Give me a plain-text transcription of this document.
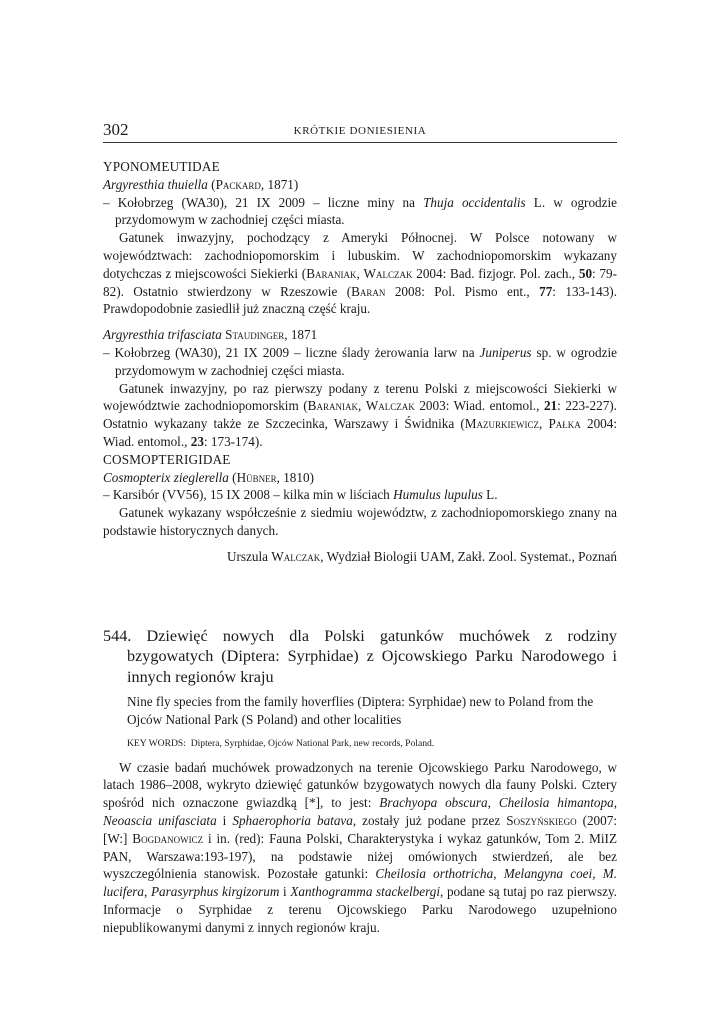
302	KRÓTKIE DONIESIENIA

YPONOMEUTIDAE

Argyresthia thuiella (Packard, 1871)

– Kołobrzeg (WA30), 21 IX 2009 – liczne miny na Thuja occidentalis L. w ogrodzie przydomowym w zachodniej części miasta.

Gatunek inwazyjny, pochodzący z Ameryki Północnej. W Polsce notowany w województwach: zachodniopomorskim i lubuskim. W zachodniopomorskim wykazany dotychczas z miejscowości Siekierki (Baraniak, Walczak 2004: Bad. fizjogr. Pol. zach., 50: 79-82). Ostatnio stwierdzony w Rzeszowie (Baran 2008: Pol. Pismo ent., 77: 133-143). Prawdopodobnie zasiedlił już znaczną część kraju.

Argyresthia trifasciata Staudinger, 1871

– Kołobrzeg (WA30), 21 IX 2009 – liczne ślady żerowania larw na Juniperus sp. w ogrodzie przydomowym w zachodniej części miasta.

Gatunek inwazyjny, po raz pierwszy podany z terenu Polski z miejscowości Siekierki w województwie zachodniopomorskim (Baraniak, Walczak 2003: Wiad. entomol., 21: 223-227). Ostatnio wykazany także ze Szczecinka, Warszawy i Świdnika (Mazurkiewicz, Pałka 2004: Wiad. entomol., 23: 173-174).

COSMOPTERIGIDAE

Cosmopterix zieglerella (Hübner, 1810)

– Karsibór (VV56), 15 IX 2008 – kilka min w liściach Humulus lupulus L.

Gatunek wykazany współcześnie z siedmiu województw, z zachodniopomorskiego znany na podstawie historycznych danych.

Urszula Walczak, Wydział Biologii UAM, Zakł. Zool. Systemat., Poznań

544. Dziewięć nowych dla Polski gatunków muchówek z rodziny bzygowatych (Diptera: Syrphidae) z Ojcowskiego Parku Narodowego i innych regionów kraju

Nine fly species from the family hoverflies (Diptera: Syrphidae) new to Poland from the Ojców National Park (S Poland) and other localities

KEY WORDS: Diptera, Syrphidae, Ojców National Park, new records, Poland.

W czasie badań muchówek prowadzonych na terenie Ojcowskiego Parku Narodowego, w latach 1986–2008, wykryto dziewięć gatunków bzygowatych nowych dla fauny Polski. Cztery spośród nich oznaczone gwiazdką [*], to jest: Brachyopa obscura, Cheilosia himantopa, Neoascia unifasciata i Sphaerophoria batava, zostały już podane przez Soszyńskiego (2007: [W:] Bogdanowicz i in. (red): Fauna Polski, Charakterystyka i wykaz gatunków, Tom 2. MiIZ PAN, Warszawa:193-197), na podstawie niżej omówionych stwierdzeń, ale bez wyszczególnienia stanowisk. Pozostałe gatunki: Cheilosia orthotricha, Melangyna coei, M. lucifera, Parasyrphus kirgizorum i Xanthogramma stackelbergi, podane są tutaj po raz pierwszy. Informacje o Syrphidae z terenu Ojcowskiego Parku Narodowego uzupełniono niepublikowanymi danymi z innych regionów kraju.
